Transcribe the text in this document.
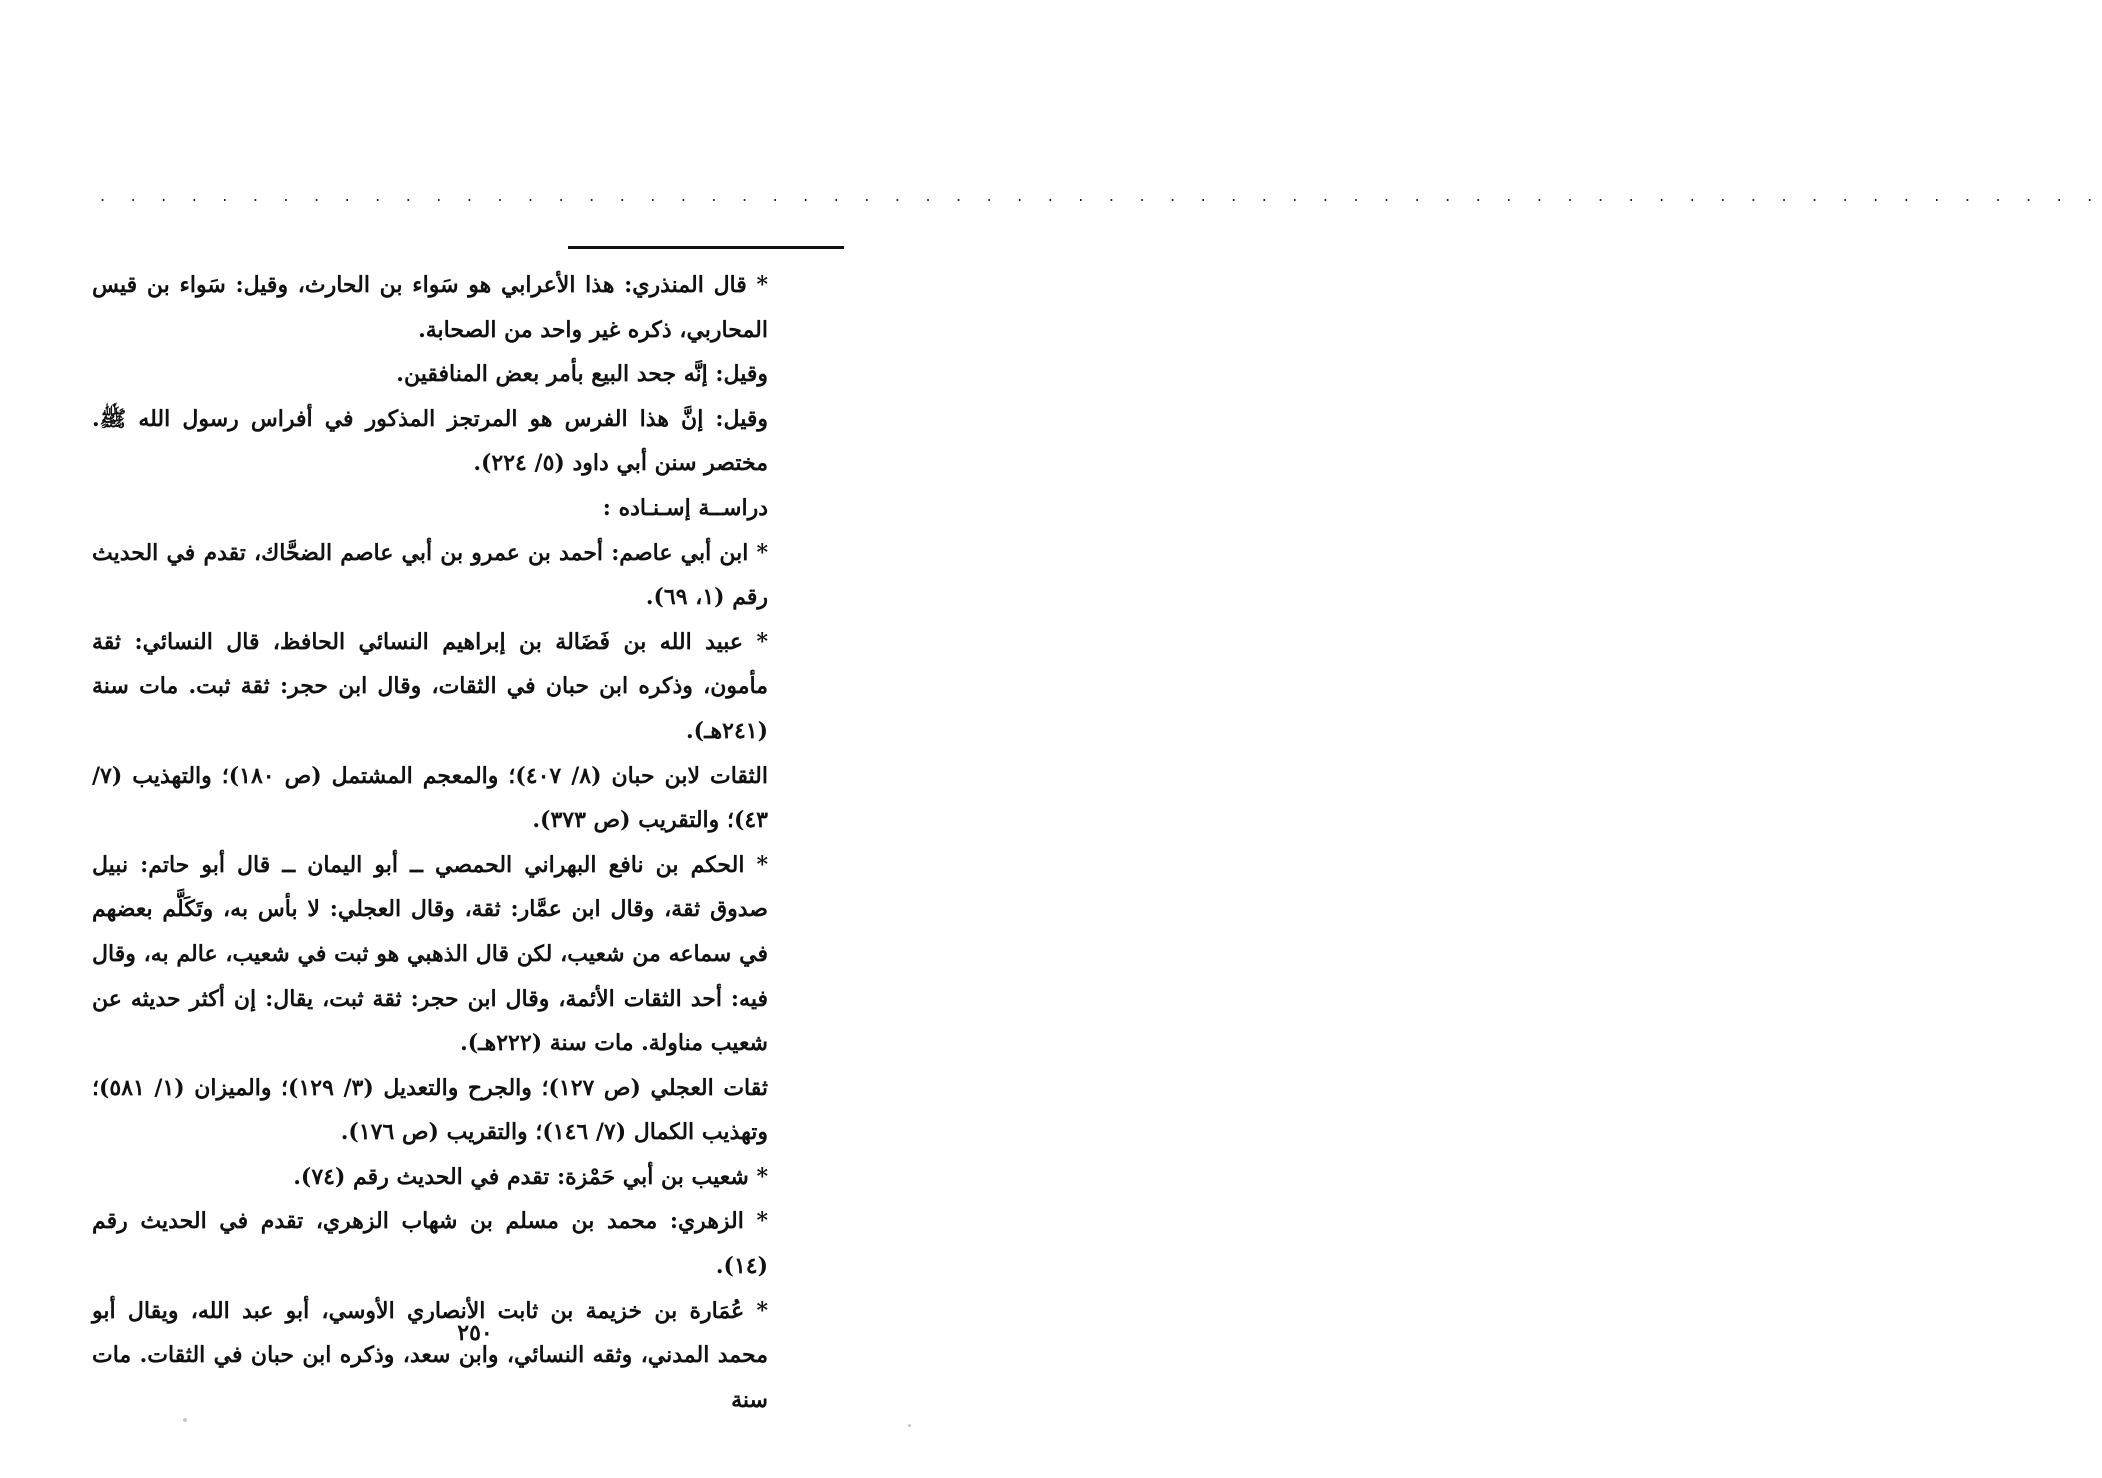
. . . . . . . . . . . . . . . . . . . . . . . . . . . . . . . . . . . . . . . . . . . . . . . . . . . . . . . . . . . . . . . . . .

* قال المنذري: هذا الأعرابي هو سَواء بن الحارث، وقيل: سَواء بن قيس المحاربي، ذكره غير واحد من الصحابة.

وقيل: إنَّه جحد البيع بأمر بعض المنافقين.

وقيل: إنَّ هذا الفرس هو المرتجز المذكور في أفراس رسول الله ﷺ. مختصر سنن أبي داود (٥/ ٢٢٤).

دراســة إسـنـاده :

* ابن أبي عاصم: أحمد بن عمرو بن أبي عاصم الضحَّاك، تقدم في الحديث رقم (١، ٦٩).

* عبيد الله بن فَضَالة بن إبراهيم النسائي الحافظ، قال النسائي: ثقة مأمون، وذكره ابن حبان في الثقات، وقال ابن حجر: ثقة ثبت. مات سنة (٢٤١هـ).

الثقات لابن حبان (٨/ ٤٠٧)؛ والمعجم المشتمل (ص ١٨٠)؛ والتهذيب (٧/ ٤٣)؛ والتقريب (ص ٣٧٣).

* الحكم بن نافع البهراني الحمصي ــ أبو اليمان ــ قال أبو حاتم: نبيل صدوق ثقة، وقال ابن عمَّار: ثقة، وقال العجلي: لا بأس به، وتَكَلَّم بعضهم في سماعه من شعيب، لكن قال الذهبي هو ثبت في شعيب، عالم به، وقال فيه: أحد الثقات الأئمة، وقال ابن حجر: ثقة ثبت، يقال: إن أكثر حديثه عن شعيب مناولة. مات سنة (٢٢٢هـ).

ثقات العجلي (ص ١٢٧)؛ والجرح والتعديل (٣/ ١٢٩)؛ والميزان (١/ ٥٨١)؛ وتهذيب الكمال (٧/ ١٤٦)؛ والتقريب (ص ١٧٦).

* شعيب بن أبي حَمْزة: تقدم في الحديث رقم (٧٤).

* الزهري: محمد بن مسلم بن شهاب الزهري، تقدم في الحديث رقم (١٤).

* عُمَارة بن خزيمة بن ثابت الأنصاري الأوسي، أبو عبد الله، ويقال أبو محمد المدني، وثقه النسائي، وابن سعد، وذكره ابن حبان في الثقات. مات سنة

٢٥٠
